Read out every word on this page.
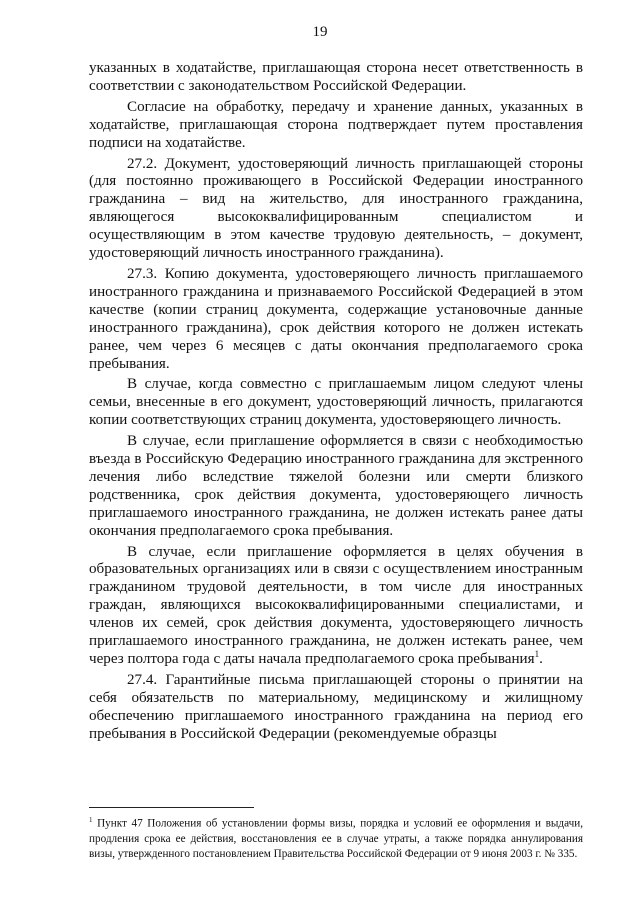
19

указанных в ходатайстве, приглашающая сторона несет ответственность в соответствии с законодательством Российской Федерации.

Согласие на обработку, передачу и хранение данных, указанных в ходатайстве, приглашающая сторона подтверждает путем проставления подписи на ходатайстве.

27.2. Документ, удостоверяющий личность приглашающей стороны (для постоянно проживающего в Российской Федерации иностранного гражданина – вид на жительство, для иностранного гражданина, являющегося высококвалифицированным специалистом и осуществляющим в этом качестве трудовую деятельность, – документ, удостоверяющий личность иностранного гражданина).

27.3. Копию документа, удостоверяющего личность приглашаемого иностранного гражданина и признаваемого Российской Федерацией в этом качестве (копии страниц документа, содержащие установочные данные иностранного гражданина), срок действия которого не должен истекать ранее, чем через 6 месяцев с даты окончания предполагаемого срока пребывания.

В случае, когда совместно с приглашаемым лицом следуют члены семьи, внесенные в его документ, удостоверяющий личность, прилагаются копии соответствующих страниц документа, удостоверяющего личность.

В случае, если приглашение оформляется в связи с необходимостью въезда в Российскую Федерацию иностранного гражданина для экстренного лечения либо вследствие тяжелой болезни или смерти близкого родственника, срок действия документа, удостоверяющего личность приглашаемого иностранного гражданина, не должен истекать ранее даты окончания предполагаемого срока пребывания.

В случае, если приглашение оформляется в целях обучения в образовательных организациях или в связи с осуществлением иностранным гражданином трудовой деятельности, в том числе для иностранных граждан, являющихся высококвалифицированными специалистами, и членов их семей, срок действия документа, удостоверяющего личность приглашаемого иностранного гражданина, не должен истекать ранее, чем через полтора года с даты начала предполагаемого срока пребывания$^1$.

27.4. Гарантийные письма приглашающей стороны о принятии на себя обязательств по материальному, медицинскому и жилищному обеспечению приглашаемого иностранного гражданина на период его пребывания в Российской Федерации (рекомендуемые образцы

$^1$ Пункт 47 Положения об установлении формы визы, порядка и условий ее оформления и выдачи, продления срока ее действия, восстановления ее в случае утраты, а также порядка аннулирования визы, утвержденного постановлением Правительства Российской Федерации от 9 июня 2003 г. № 335.
